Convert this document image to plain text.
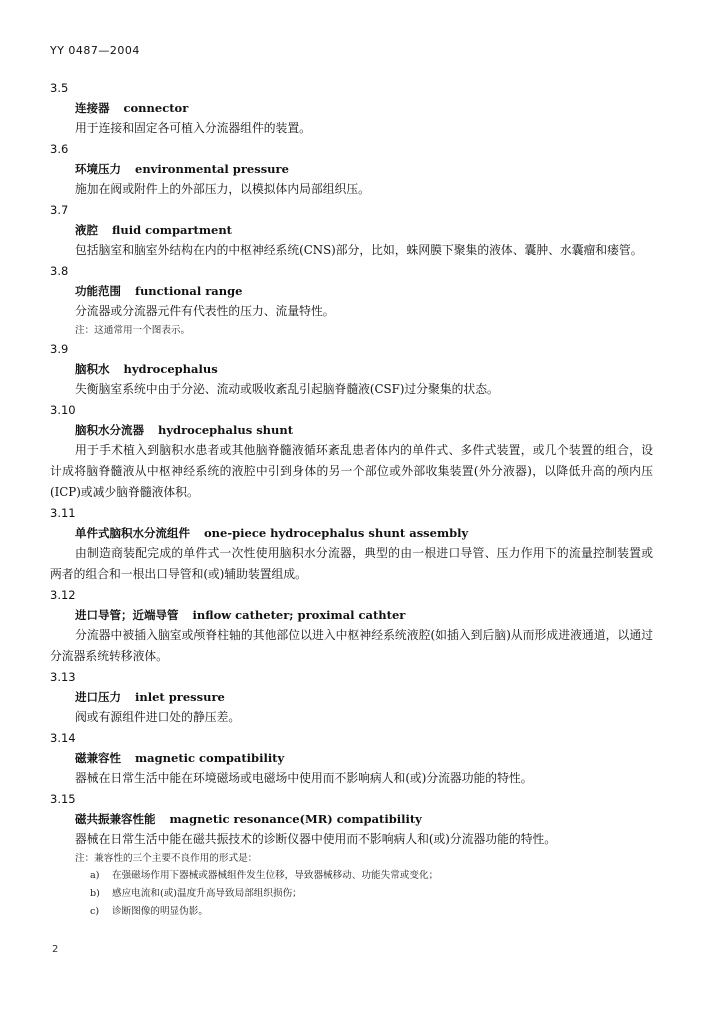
YY 0487—2004
3.5
连接器 connector
用于连接和固定各可植入分流器组件的装置。
3.6
环境压力 environmental pressure
施加在阀或附件上的外部压力，以模拟体内局部组织压。
3.7
液腔 fluid compartment
包括脑室和脑室外结构在内的中枢神经系统(CNS)部分，比如，蛛网膜下聚集的液体、囊肿、水囊瘤和瘘管。
3.8
功能范围 functional range
分流器或分流器元件有代表性的压力、流量特性。
注：这通常用一个图表示。
3.9
脑积水 hydrocephalus
失衡脑室系统中由于分泌、流动或吸收紊乱引起脑脊髓液(CSF)过分聚集的状态。
3.10
脑积水分流器 hydrocephalus shunt
用于手术植入到脑积水患者或其他脑脊髓液循环紊乱患者体内的单件式、多件式装置，或几个装置的组合，设计成将脑脊髓液从中枢神经系统的液腔中引到身体的另一个部位或外部收集装置(外分液器)，以降低升高的颅内压(ICP)或减少脑脊髓液体积。
3.11
单件式脑积水分流组件 one-piece hydrocephalus shunt assembly
由制造商装配完成的单件式一次性使用脑积水分流器，典型的由一根进口导管、压力作用下的流量控制装置或两者的组合和一根出口导管和(或)辅助装置组成。
3.12
进口导管；近端导管 inflow catheter; proximal cathter
分流器中被插入脑室或颅脊柱轴的其他部位以进入中枢神经系统液腔(如插入到后脑)从而形成进液通道，以通过分流器系统转移液体。
3.13
进口压力 inlet pressure
阀或有源组件进口处的静压差。
3.14
磁兼容性 magnetic compatibility
器械在日常生活中能在环境磁场或电磁场中使用而不影响病人和(或)分流器功能的特性。
3.15
磁共振兼容性能 magnetic resonance(MR) compatibility
器械在日常生活中能在磁共振技术的诊断仪器中使用而不影响病人和(或)分流器功能的特性。
注：兼容性的三个主要不良作用的形式是：
a) 在强磁场作用下器械或器械组件发生位移，导致器械移动、功能失常或变化；
b) 感应电流和(或)温度升高导致局部组织损伤；
c) 诊断图像的明显伪影。
2
